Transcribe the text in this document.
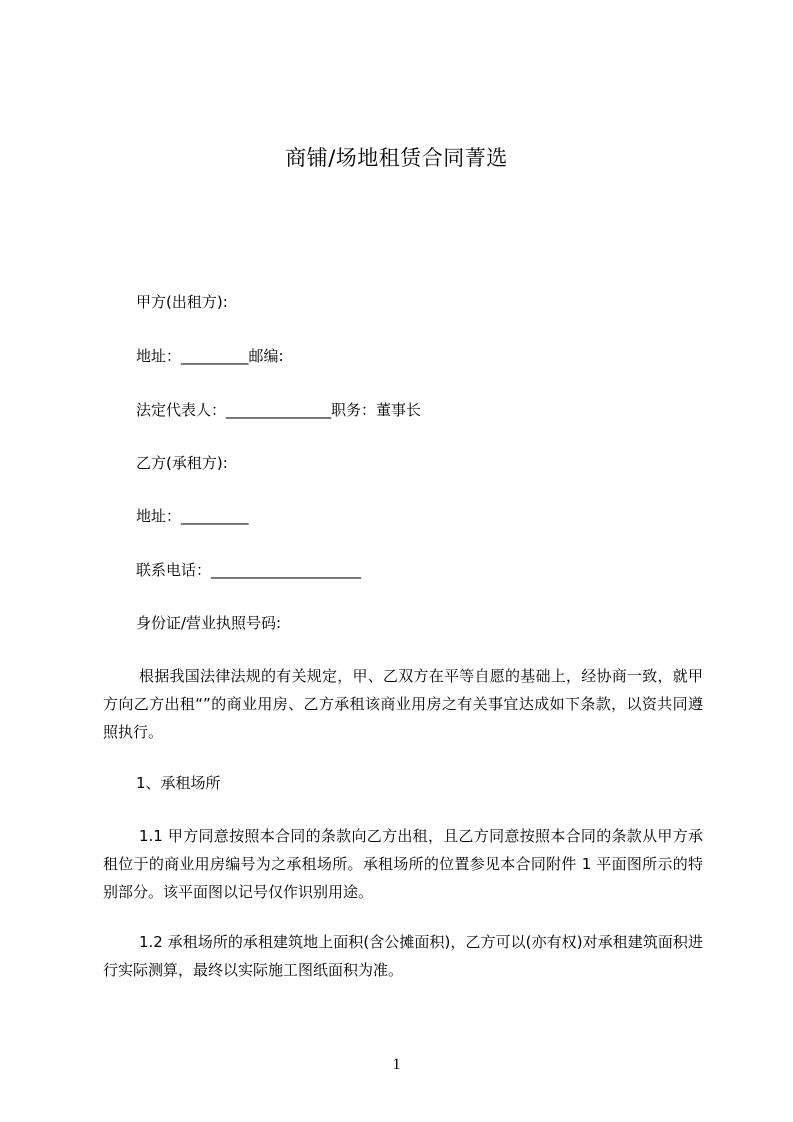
商铺/场地租赁合同菁选
甲方(出租方):
地址：_________邮编:
法定代表人：______________职务：董事长
乙方(承租方):
地址：_________
联系电话：____________________
身份证/营业执照号码:

根据我国法律法规的有关规定，甲、乙双方在平等自愿的基础上，经协商一致，就甲方向乙方出租“”的商业用房、乙方承租该商业用房之有关事宜达成如下条款，以资共同遵照执行。

1、承租场所

1.1 甲方同意按照本合同的条款向乙方出租，且乙方同意按照本合同的条款从甲方承租位于的商业用房编号为之承租场所。承租场所的位置参见本合同附件 1 平面图所示的特别部分。该平面图以记号仅作识别用途。

1.2 承租场所的承租建筑地上面积(含公摊面积)，乙方可以(亦有权)对承租建筑面积进行实际测算，最终以实际施工图纸面积为准。

1
